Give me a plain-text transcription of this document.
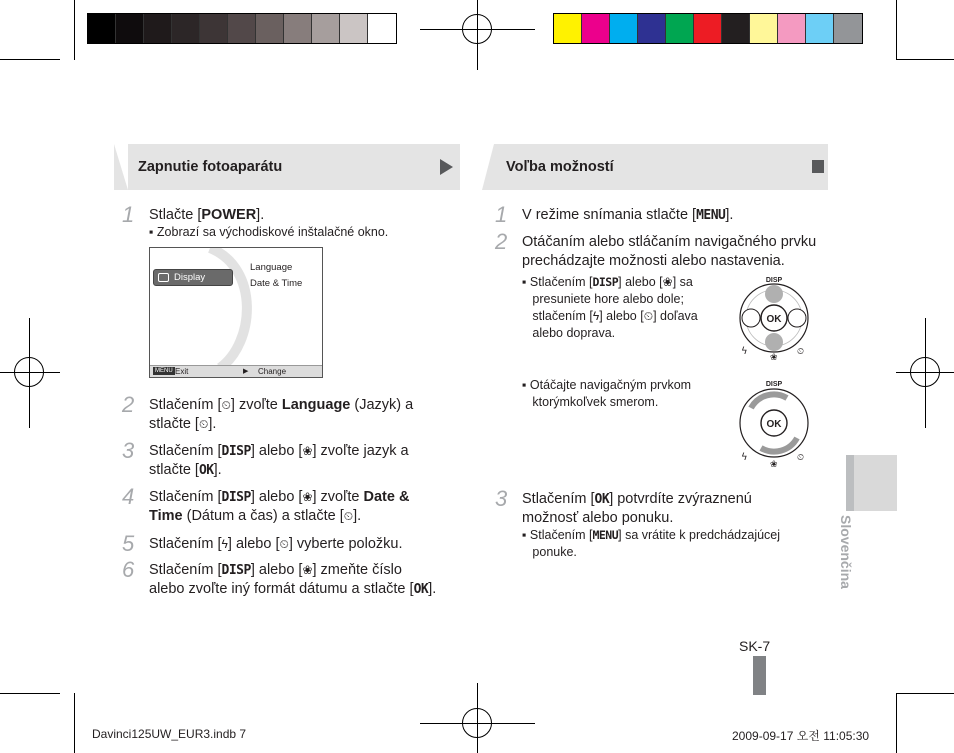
Zapnutie fotoaparátu
1 Stlačte [POWER].
▪ Zobrazí sa východiskové inštalačné okno.
Display
Language
Date & Time
MENU Exit	▶ Change
2 Stlačením [⏲] zvoľte Language (Jazyk) a
stlačte [⏲].
3 Stlačením [DISP] alebo [❀] zvoľte jazyk a
stlačte [OK].
4 Stlačením [DISP] alebo [❀] zvoľte Date &
Time (Dátum a čas) a stlačte [⏲].
5 Stlačením [ϟ] alebo [⏲] vyberte položku.
6 Stlačením [DISP] alebo [❀] zmeňte číslo
alebo zvoľte iný formát dátumu a stlačte [OK].
Voľba možností
1 V režime snímania stlačte [MENU].
2 Otáčaním alebo stláčaním navigačného prvku
prechádzajte možnosti alebo nastavenia.
▪ Stlačením [DISP] alebo [❀] sa
presuniete hore alebo dole;
stlačením [ϟ] alebo [⏲] doľava
alebo doprava.
DISP
OK
ϟ
❀
⏲
▪ Otáčajte navigačným prvkom
ktorýmkoľvek smerom.
DISP
OK
ϟ
❀
⏲
3 Stlačením [OK] potvrdíte zvýraznenú
možnosť alebo ponuku.
▪ Stlačením [MENU] sa vrátite k predchádzajúcej
ponuke.	Slovenčina
SK-7
Davinci125UW_EUR3.indb 7	2009-09-17 오전 11:05:30
